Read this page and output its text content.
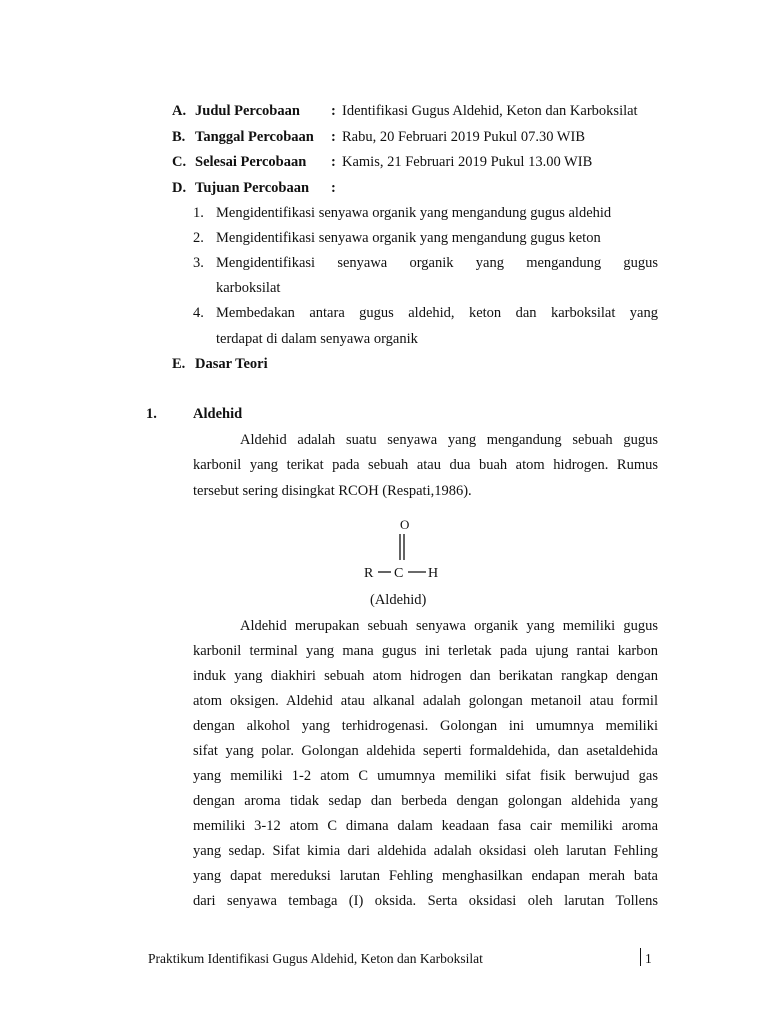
A. Judul Percobaan : Identifikasi Gugus Aldehid, Keton dan Karboksilat
B. Tanggal Percobaan : Rabu, 20 Februari 2019 Pukul 07.30 WIB
C. Selesai Percobaan : Kamis, 21 Februari 2019 Pukul 13.00 WIB
D. Tujuan Percobaan :
1. Mengidentifikasi senyawa organik yang mengandung gugus aldehid
2. Mengidentifikasi senyawa organik yang mengandung gugus keton
3. Mengidentifikasi senyawa organik yang mengandung gugus
karboksilat
4. Membedakan antara gugus aldehid, keton dan karboksilat yang
terdapat di dalam senyawa organik
E. Dasar Teori
1. Aldehid
Aldehid adalah suatu senyawa yang mengandung sebuah gugus
karbonil yang terikat pada sebuah atau dua buah atom hidrogen. Rumus
tersebut sering disingkat RCOH (Respati,1986).
O
R C H
(Aldehid)
Aldehid merupakan sebuah senyawa organik yang memiliki gugus
karbonil terminal yang mana gugus ini terletak pada ujung rantai karbon
induk yang diakhiri sebuah atom hidrogen dan berikatan rangkap dengan
atom oksigen. Aldehid atau alkanal adalah golongan metanoil atau formil
dengan alkohol yang terhidrogenasi. Golongan ini umumnya memiliki
sifat yang polar. Golongan aldehida seperti formaldehida, dan asetaldehida
yang memiliki 1-2 atom C umumnya memiliki sifat fisik berwujud gas
dengan aroma tidak sedap dan berbeda dengan golongan aldehida yang
memiliki 3-12 atom C dimana dalam keadaan fasa cair memiliki aroma
yang sedap. Sifat kimia dari aldehida adalah oksidasi oleh larutan Fehling
yang dapat mereduksi larutan Fehling menghasilkan endapan merah bata
dari senyawa tembaga (I) oksida. Serta oksidasi oleh larutan Tollens
Praktikum Identifikasi Gugus Aldehid, Keton dan Karboksilat	1
